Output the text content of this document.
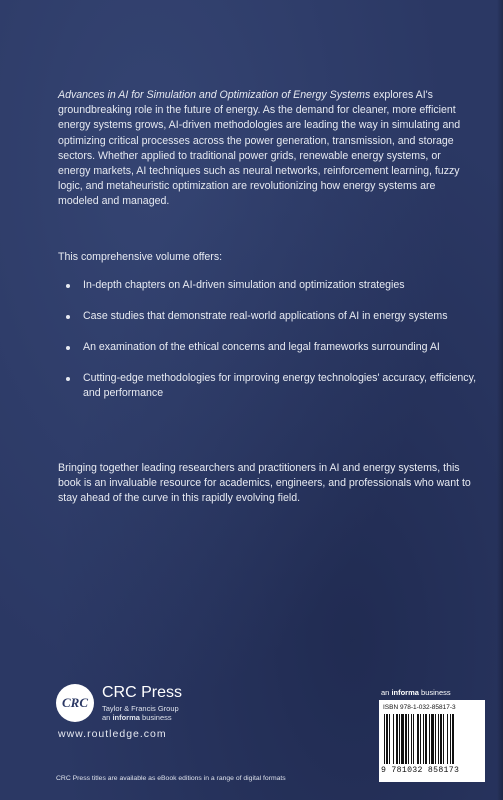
Advances in AI for Simulation and Optimization of Energy Systems explores AI's groundbreaking role in the future of energy. As the demand for cleaner, more efficient energy systems grows, AI-driven methodologies are leading the way in simulating and optimizing critical processes across the power generation, transmission, and storage sectors. Whether applied to traditional power grids, renewable energy systems, or energy markets, AI techniques such as neural networks, reinforcement learning, fuzzy logic, and metaheuristic optimization are revolutionizing how energy systems are modeled and managed.

This comprehensive volume offers:

In-depth chapters on AI-driven simulation and optimization strategies
Case studies that demonstrate real-world applications of AI in energy systems
An examination of the ethical concerns and legal frameworks surrounding AI
Cutting-edge methodologies for improving energy technologies' accuracy, efficiency, and performance

Bringing together leading researchers and practitioners in AI and energy systems, this book is an invaluable resource for academics, engineers, and professionals who want to stay ahead of the curve in this rapidly evolving field.

CRC
CRC Press
Taylor & Francis Group
an informa business
www.routledge.com
CRC Press titles are available as eBook editions in a range of digital formats
an informa business
ISBN 978-1-032-85817-3
9 781032 858173
